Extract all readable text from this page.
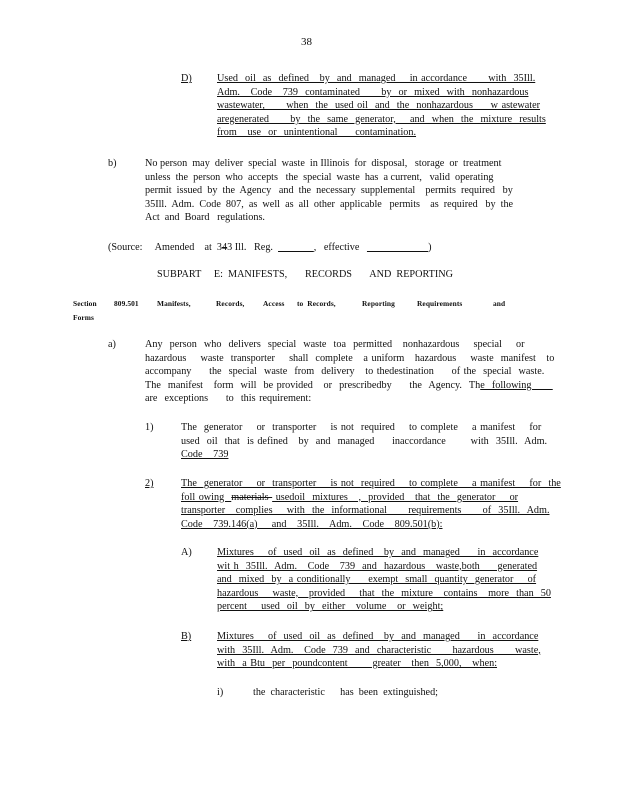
38
D) Used  oil  as  defined   by  and  managed    in accordance      with  35Ill.
Adm.   Code   739  contaminated      by  or  mixed  with  nonhazardous
wastewater,      when  the  used oil  and  the  nonhazardous     w astewater
aregenerated      by  the  same  generator,    and  when  the  mixture  results
from   use  or  unintentional     contamination.
b)	No person  may  deliver  special  waste  in Illinois  for  disposal,   storage  or  treatment
unless  the  person  who  accepts   the  special  waste  has  a current,   valid  operating
permit  issued  by  the  Agency   and  the  necessary  supplemental    permits  required   by
35Ill.  Adm.  Code  807,  as  well  as  all  other  applicable   permits    as  required   by  the
Act  and  Board   regulations.
(Source:     Amended    at  343 Ill.   Reg.  ____  __,   effective   ____________)
SUBPART     E:  MANIFESTS,       RECORDS       AND  REPORTING
Section 809.501 Manifests,	Records, Access to  Records,	Reporting	Requirements	and
Forms
a)	Any  person  who  delivers  special  waste  toa  permitted   nonhazardous    special    or
hazardous    waste  transporter    shall  complete   a uniform   hazardous    waste  manifest   to
accompany     the  special  waste  from  delivery   to thedestination     of the  special  waste.
The  manifest   form  will  be provided   or  prescribedby     the  Agency.  The  following
are  exceptions     to  this requirement:
1)	The  generator    or  transporter    is not  required    to complete    a manifest    for
used  oil  that  is defined   by  and  managed     inaccordance       with  35Ill.  Adm.
Code   739
2)	The  generator    or  transporter    is not  required    to complete    a manifest    for  the
foll owing  materials  usedoil  mixtures   ,  provided   that  the  generator    or
transporter   complies    with  the  informational      requirements      of  35Ill.  Adm.
Code   739.146(a)    and   35Ill.   Adm.   Code   809.501(b):
A) Mixtures    of  used  oil  as  defined   by  and  managed     in  accordance
wit h  35Ill.  Adm.   Code   739  and  hazardous   waste,both     generated
and  mixed  by  a conditionally     exempt  small  quantity  generator    of
hazardous    waste,   provided    that  the  mixture   contains   more  than  50
percent    used  oil  by  either   volume   or  weight;
B)	Mixtures    of  used  oil  as  defined   by  and  managed     in  accordance
with  35Ill.  Adm.   Code  739  and  characteristic      hazardous      waste,
with  a Btu  per  poundcontent       greater   then  5,000,   when:
i)	the  characteristic      has  been  extinguished;
